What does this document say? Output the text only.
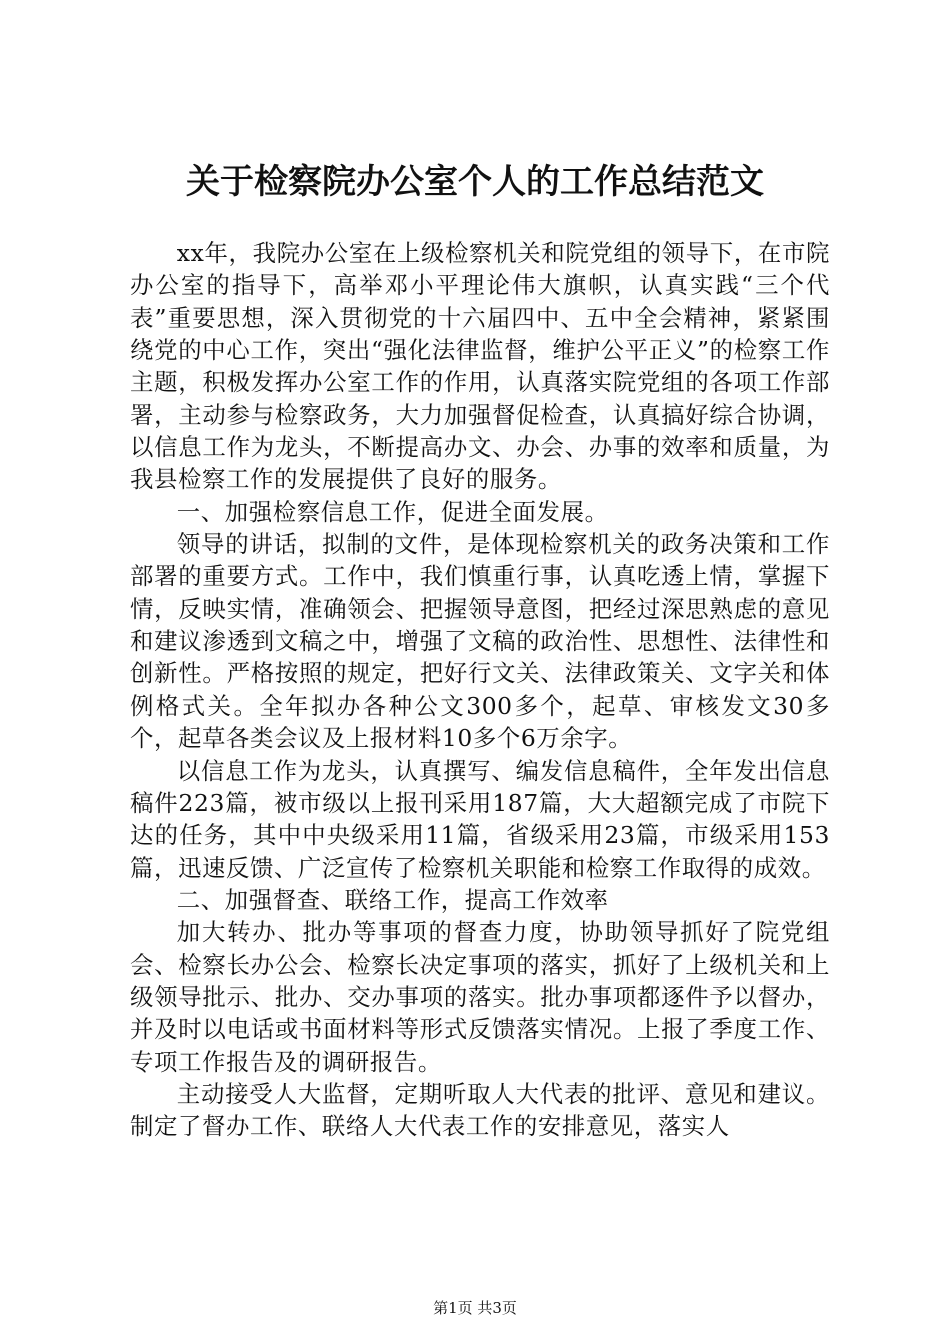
关于检察院办公室个人的工作总结范文

xx年，我院办公室在上级检察机关和院党组的领导下，在市院办公室的指导下，高举邓小平理论伟大旗帜，认真实践“三个代表”重要思想，深入贯彻党的十六届四中、五中全会精神，紧紧围绕党的中心工作，突出“强化法律监督，维护公平正义”的检察工作主题，积极发挥办公室工作的作用，认真落实院党组的各项工作部署，主动参与检察政务，大力加强督促检查，认真搞好综合协调，以信息工作为龙头，不断提高办文、办会、办事的效率和质量，为我县检察工作的发展提供了良好的服务。

一、加强检察信息工作，促进全面发展。

领导的讲话，拟制的文件，是体现检察机关的政务决策和工作部署的重要方式。工作中，我们慎重行事，认真吃透上情，掌握下情，反映实情，准确领会、把握领导意图，把经过深思熟虑的意见和建议渗透到文稿之中，增强了文稿的政治性、思想性、法律性和创新性。严格按照的规定，把好行文关、法律政策关、文字关和体例格式关。全年拟办各种公文300多个，起草、审核发文30多个，起草各类会议及上报材料10多个6万余字。

以信息工作为龙头，认真撰写、编发信息稿件，全年发出信息稿件223篇，被市级以上报刊采用187篇，大大超额完成了市院下达的任务，其中中央级采用11篇，省级采用23篇，市级采用153篇，迅速反馈、广泛宣传了检察机关职能和检察工作取得的成效。

二、加强督查、联络工作，提高工作效率

加大转办、批办等事项的督查力度，协助领导抓好了院党组会、检察长办公会、检察长决定事项的落实，抓好了上级机关和上级领导批示、批办、交办事项的落实。批办事项都逐件予以督办，并及时以电话或书面材料等形式反馈落实情况。上报了季度工作、专项工作报告及的调研报告。

主动接受人大监督，定期听取人大代表的批评、意见和建议。制定了督办工作、联络人大代表工作的安排意见，落实人

第1页 共3页
